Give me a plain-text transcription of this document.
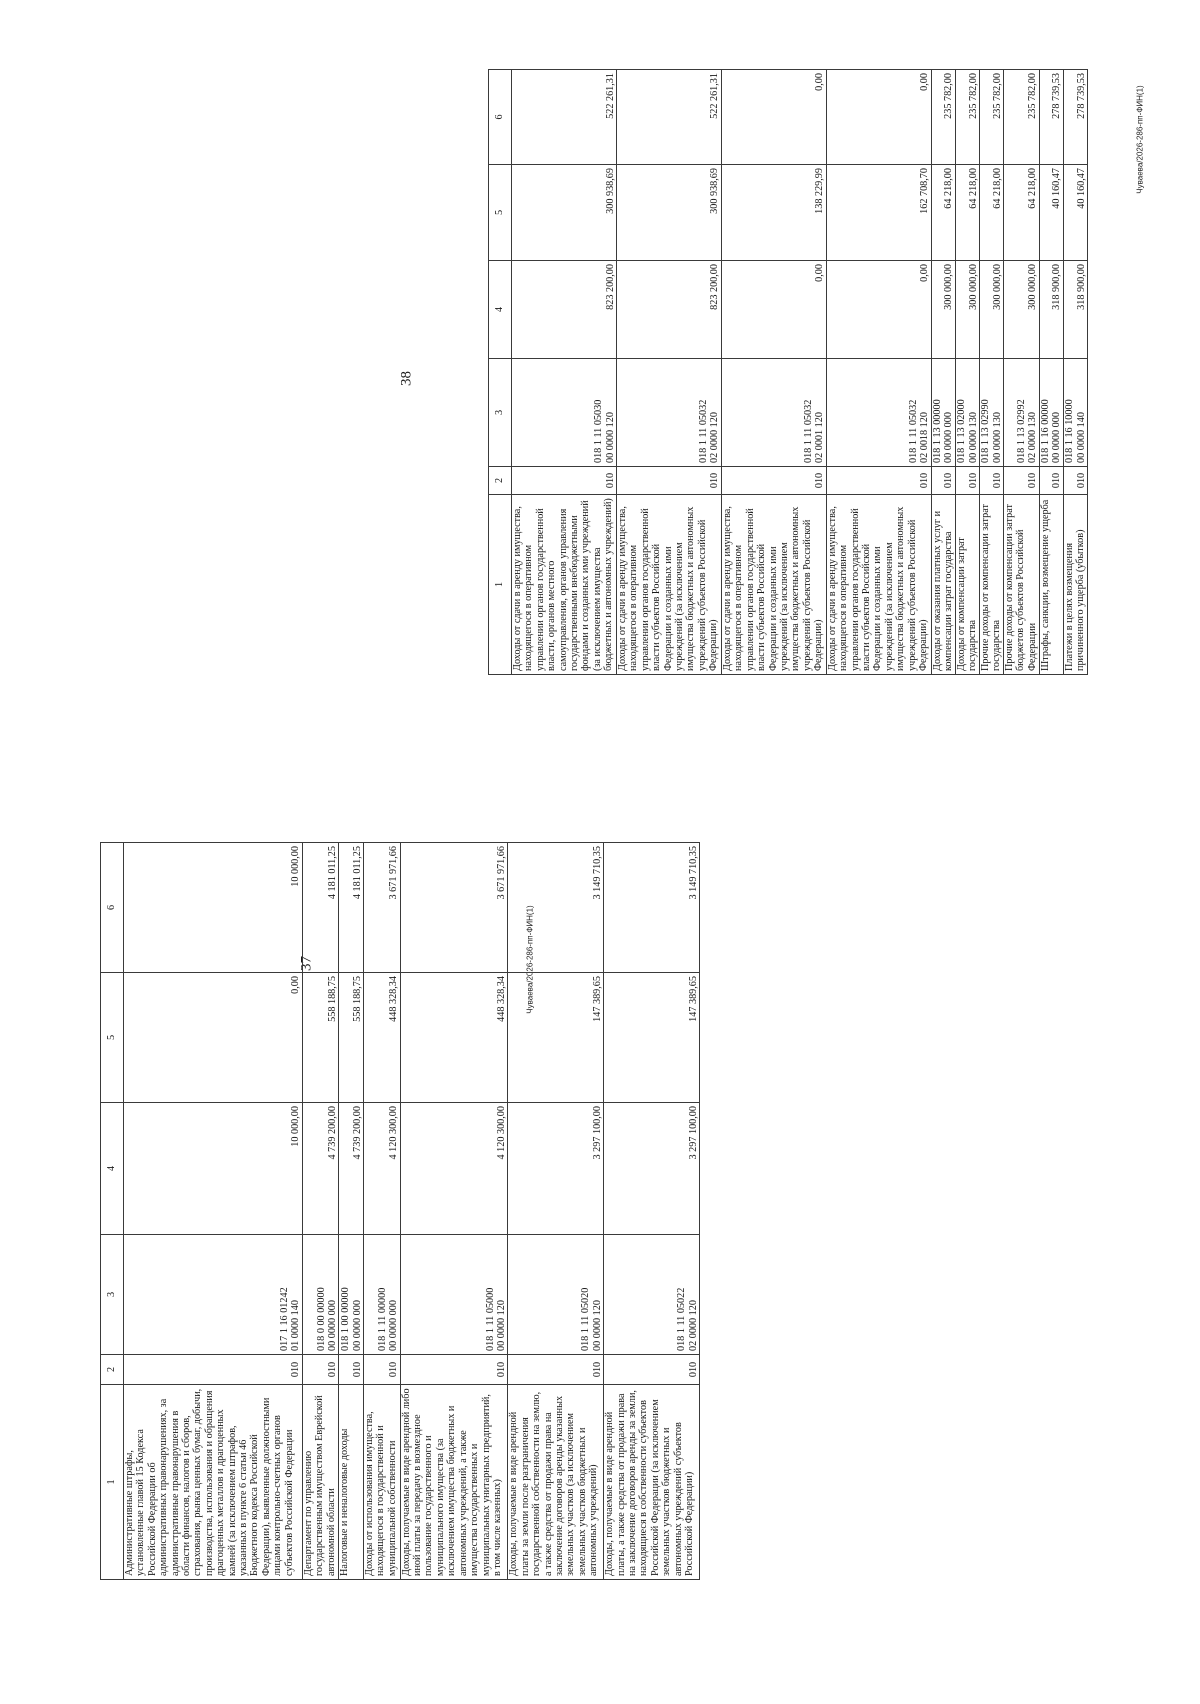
37	Чуваева/2026-286-пп-ФИН(1)
1	2	3	4	5	6
Административные штрафы, установленные главой 15 Кодекса Российской Федерации об административных правонарушениях, за административные правонарушения в области финансов, налогов и сборов, страхования, рынка ценных бумаг, добычи, производства, использования и обращения драгоценных металлов и драгоценных камней (за исключением штрафов, указанных в пункте 6 статьи 46 Бюджетного кодекса Российской Федерации), выявленные должностными лицами контрольно-счетных органов субъектов Российской Федерации	010	017 1 16 01242
01 0000 140	10 000,00	0,00	10 000,00
Департамент по управлению государственным имуществом Еврейской автономной области	010	018 0 00 00000
00 0000 000	4 739 200,00	558 188,75	4 181 011,25
Налоговые и неналоговые доходы	010	018 1 00 00000
00 0000 000	4 739 200,00	558 188,75	4 181 011,25
Доходы от использования имущества, находящегося в государственной и муниципальной собственности	010	018 1 11 00000
00 0000 000	4 120 300,00	448 328,34	3 671 971,66
Доходы, получаемые в виде арендной либо иной платы за передачу в возмездное пользование государственного и муниципального имущества (за исключением имущества бюджетных и автономных учреждений, а также имущества государственных и муниципальных унитарных предприятий, в том числе казенных)	010	018 1 11 05000
00 0000 120	4 120 300,00	448 328,34	3 671 971,66
Доходы, получаемые в виде арендной платы за земли после разграничения государственной собственности на землю, а также средства от продажи права на заключение договоров аренды указанных земельных участков (за исключением земельных участков бюджетных и автономных учреждений)	010	018 1 11 05020
00 0000 120	3 297 100,00	147 389,65	3 149 710,35
Доходы, получаемые в виде арендной платы, а также средства от продажи права на заключение договоров аренды за земли, находящиеся в собственности субъектов Российской Федерации (за исключением земельных участков бюджетных и автономных учреждений субъектов Российской Федерации)	010	018 1 11 05022
02 0000 120	3 297 100,00	147 389,65	3 149 710,35
38
Чуваева/2026-286-пп-ФИН(1)
1	2	3	4	5	6
Доходы от сдачи в аренду имущества, находящегося в оперативном управлении органов государственной власти, органов местного самоуправления, органов управления государственными внебюджетными фондами и созданных ими учреждений (за исключением имущества бюджетных и автономных учреждений)	010	018 1 11 05030
00 0000 120	823 200,00	300 938,69	522 261,31
Доходы от сдачи в аренду имущества, находящегося в оперативном управлении органов государственной власти субъектов Российской Федерации и созданных ими учреждений (за исключением имущества бюджетных и автономных учреждений субъектов Российской Федерации)	010	018 1 11 05032
02 0000 120	823 200,00	300 938,69	522 261,31
Доходы от сдачи в аренду имущества, находящегося в оперативном управлении органов государственной власти субъектов Российской Федерации и созданных ими учреждений (за исключением имущества бюджетных и автономных учреждений субъектов Российской Федерации)	010	018 1 11 05032
02 0001 120	0,00	138 229,99	0,00
Доходы от сдачи в аренду имущества, находящегося в оперативном управлении органов государственной власти субъектов Российской Федерации и созданных ими учреждений (за исключением имущества бюджетных и автономных учреждений субъектов Российской Федерации)	010	018 1 11 05032
02 0018 120	0,00	162 708,70	0,00
Доходы от оказания платных услуг и компенсации затрат государства	010	018 1 13 00000
00 0000 000	300 000,00	64 218,00	235 782,00
Доходы от компенсации затрат государства	010	018 1 13 02000
00 0000 130	300 000,00	64 218,00	235 782,00
Прочие доходы от компенсации затрат государства	010	018 1 13 02990
00 0000 130	300 000,00	64 218,00	235 782,00
Прочие доходы от компенсации затрат бюджетов субъектов Российской Федерации	010	018 1 13 02992
02 0000 130	300 000,00	64 218,00	235 782,00
Штрафы, санкции, возмещение ущерба	010	018 1 16 00000
00 0000 000	318 900,00	40 160,47	278 739,53
Платежи в целях возмещения причиненного ущерба (убытков)	010	018 1 16 10000
00 0000 140	318 900,00	40 160,47	278 739,53
